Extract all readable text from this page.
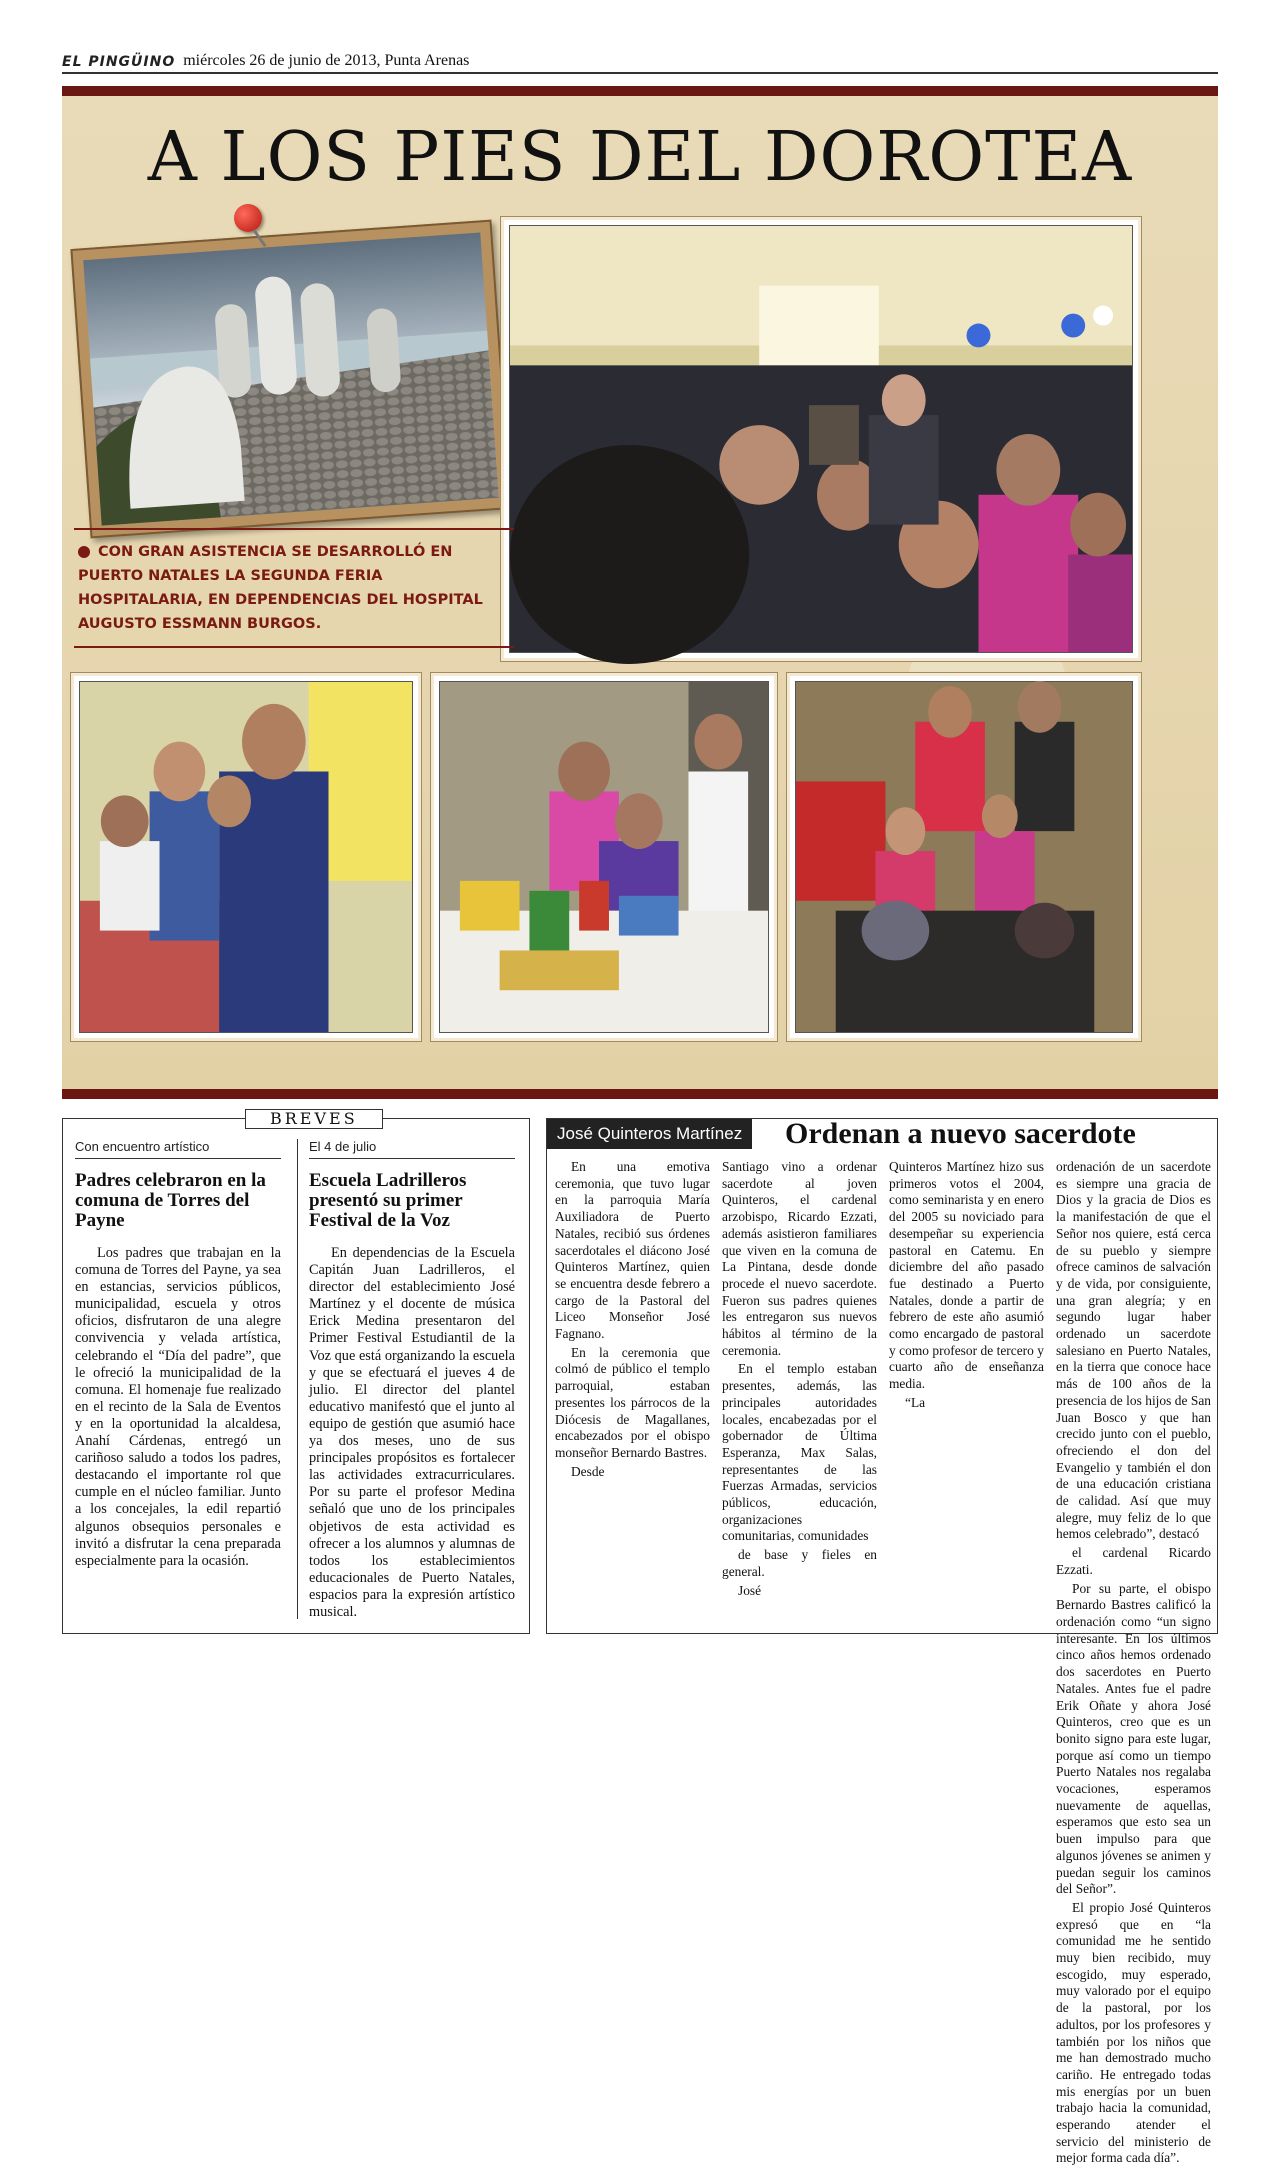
EL PINGÜINO miércoles 26 de junio de 2013, Punta Arenas
A LOS PIES DEL DOROTEA
CON GRAN ASISTENCIA SE DESARROLLÓ EN PUERTO NATALES LA SEGUNDA FERIA HOSPITALARIA, EN DEPENDENCIAS DEL HOSPITAL AUGUSTO ESSMANN BURGOS.
BREVES
Con encuentro artístico
Padres celebraron en la comuna de Torres del Payne
Los padres que trabajan en la comuna de Torres del Payne, ya sea en estancias, servicios públicos, municipalidad, escuela y otros oficios, disfrutaron de una alegre convivencia y velada artística, celebrando el “Día del padre”, que le ofreció la municipalidad de la comuna. El homenaje fue realizado en el recinto de la Sala de Eventos y en la oportunidad la alcaldesa, Anahí Cárdenas, entregó un cariñoso saludo a todos los padres, destacando el importante rol que cumple en el núcleo familiar. Junto a los concejales, la edil repartió algunos obsequios personales e invitó a disfrutar la cena preparada especialmente para la ocasión.
El 4 de julio
Escuela Ladrilleros presentó su primer Festival de la Voz
En dependencias de la Escuela Capitán Juan Ladrilleros, el director del establecimiento José Martínez y el docente de música Erick Medina presentaron del Primer Festival Estudiantil de la Voz que está organizando la escuela y que se efectuará el jueves 4 de julio. El director del plantel educativo manifestó que el junto al equipo de gestión que asumió hace ya dos meses, uno de sus principales propósitos es fortalecer las actividades extracurriculares. Por su parte el profesor Medina señaló que uno de los principales objetivos de esta actividad es ofrecer a los alumnos y alumnas de todos los establecimientos educacionales de Puerto Natales, espacios para la expresión artístico musical.
José Quinteros Martínez	Ordenan a nuevo sacerdote

En una emotiva ceremonia, que tuvo lugar en la parroquia María Auxiliadora de Puerto Natales, recibió sus órdenes sacerdotales el diácono José Quinteros Martínez, quien se encuentra desde febrero a cargo de la Pastoral del Liceo Monseñor José Fagnano.

En la ceremonia que colmó de público el templo parroquial, estaban presentes los párrocos de la Diócesis de Magallanes, encabezados por el obispo monseñor Bernardo Bastres.

Desde

Santiago vino a ordenar sacerdote al joven Quinteros, el cardenal arzobispo, Ricardo Ezzati, además asistieron familiares que viven en la comuna de La Pintana, desde donde procede el nuevo sacerdote. Fueron sus padres quienes les entregaron sus nuevos hábitos al término de la ceremonia.

En el templo estaban presentes, además, las principales autoridades locales, encabezadas por el gobernador de Última Esperanza, Max Salas, representantes de las Fuerzas Armadas, servicios públicos, educación, organizaciones comunitarias, comunidades

de base y fieles en general.

José

Quinteros Martínez hizo sus primeros votos el 2004, como seminarista y en enero del 2005 su noviciado para desempeñar su experiencia pastoral en Catemu. En diciembre del año pasado fue destinado a Puerto Natales, donde a partir de febrero de este año asumió como encargado de pastoral y como profesor de tercero y cuarto año de enseñanza media.

“La

ordenación de un sacerdote es siempre una gracia de Dios y la gracia de Dios es la manifestación de que el Señor nos quiere, está cerca de su pueblo y siempre ofrece caminos de salvación y de vida, por consiguiente, una gran alegría; y en segundo lugar haber ordenado un sacerdote salesiano en Puerto Natales, en la tierra que conoce hace más de 100 años de la presencia de los hijos de San Juan Bosco y que han crecido junto con el pueblo, ofreciendo el don del Evangelio y también el don de una educación cristiana de calidad. Así que muy alegre, muy feliz de lo que hemos celebrado”, destacó

el cardenal Ricardo Ezzati.

Por su parte, el obispo Bernardo Bastres calificó la ordenación como “un signo interesante. En los últimos cinco años hemos ordenado dos sacerdotes en Puerto Natales. Antes fue el padre Erik Oñate y ahora José Quinteros, creo que es un bonito signo para este lugar, porque así como un tiempo Puerto Natales nos regalaba vocaciones, esperamos nuevamente de aquellas, esperamos que esto sea un buen impulso para que algunos jóvenes se animen y puedan seguir los caminos del Señor”.

El propio José Quinteros expresó que en “la comunidad me he sentido muy bien recibido, muy escogido, muy esperado, muy valorado por el equipo de la pastoral, por los adultos, por los profesores y también por los niños que me han demostrado mucho cariño. He entregado todas mis energías por un buen trabajo hacia la comunidad, esperando atender el servicio del ministerio de mejor forma cada día”.
